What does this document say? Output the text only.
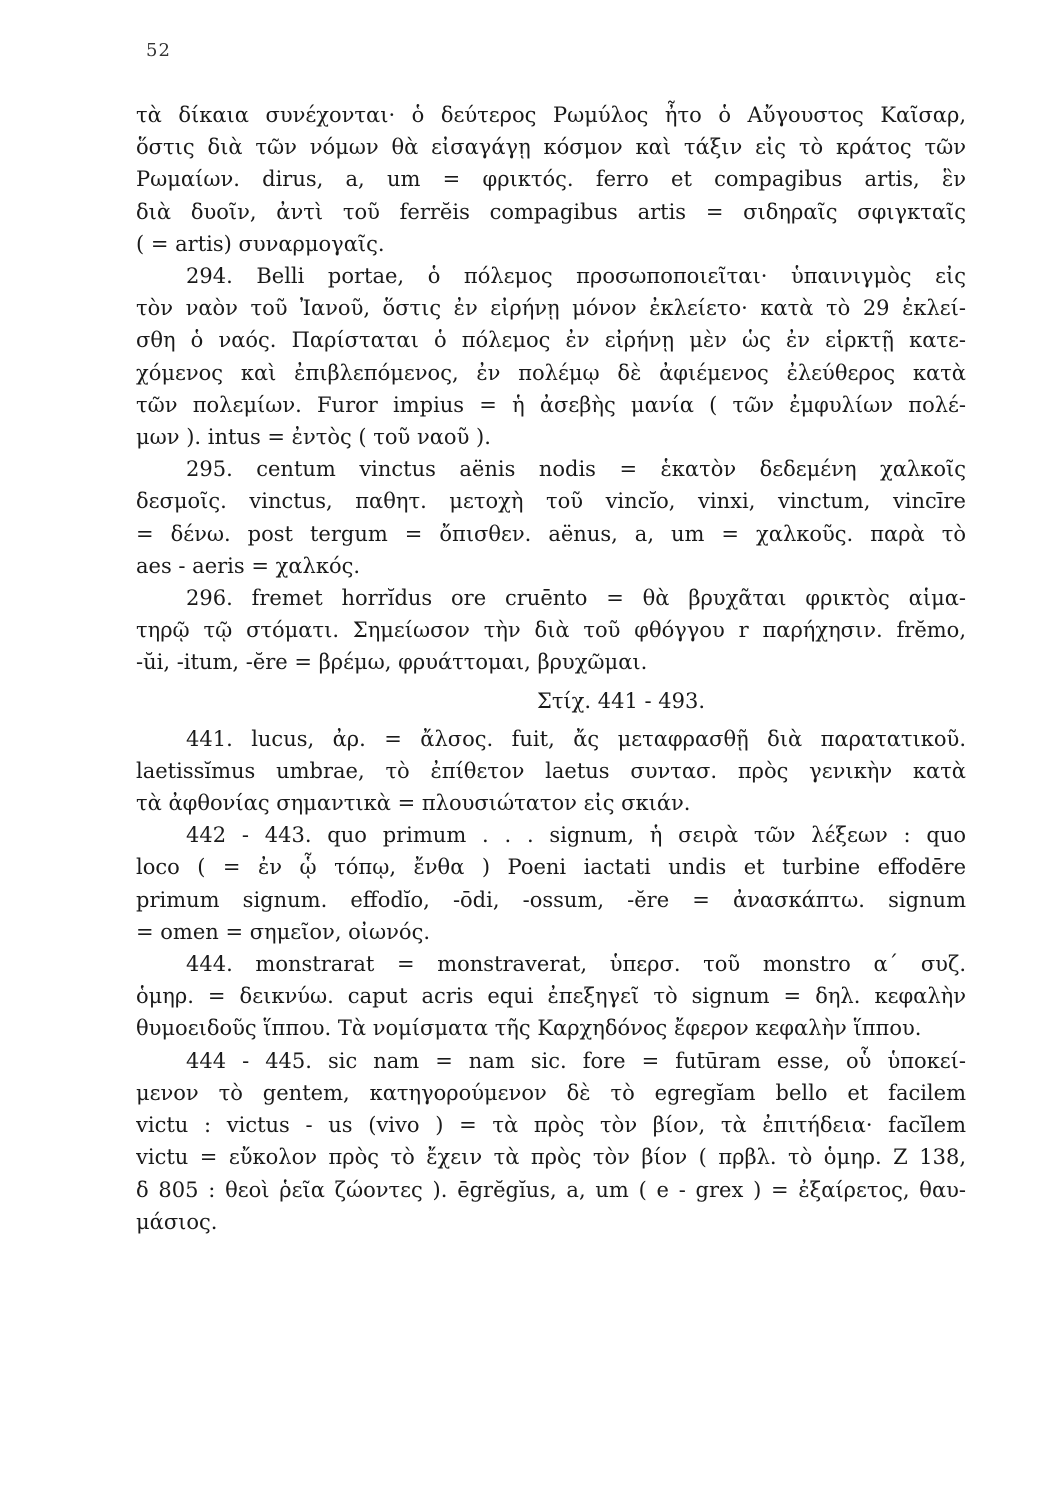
52
τὰ δίκαια συνέχονται· ὁ δεύτερος Ρωμύλος ἦτο ὁ Αὔγουστος Καῖσαρ,
ὅστις διὰ τῶν νόμων θὰ εἰσαγάγῃ κόσμον καὶ τάξιν εἰς τὸ κράτος τῶν
Ρωμαίων. dirus, a, um = φρικτός. ferro et compagibus artis, ἓν
διὰ δυοῖν, ἀντὶ τοῦ ferrĕis compagibus artis = σιδηραῖς σφιγκταῖς
( = artis) συναρμογαῖς.
294. Belli portae, ὁ πόλεμος προσωποποιεῖται· ὑπαινιγμὸς εἰς
τὸν ναὸν τοῦ Ἰανοῦ, ὅστις ἐν εἰρήνῃ μόνον ἐκλείετο· κατὰ τὸ 29 ἐκλεί-
σθη ὁ ναός. Παρίσταται ὁ πόλεμος ἐν εἰρήνῃ μὲν ὡς ἐν εἱρκτῇ κατε-
χόμενος καὶ ἐπιβλεπόμενος, ἐν πολέμῳ δὲ ἀφιέμενος ἐλεύθερος κατὰ
τῶν πολεμίων. Furor impius = ἡ ἀσεβὴς μανία ( τῶν ἐμφυλίων πολέ-
μων ). intus = ἐντὸς ( τοῦ ναοῦ ).
295. centum vinctus aënis nodis = ἑκατὸν δεδεμένη χαλκοῖς
δεσμοῖς. vinctus, παθητ. μετοχὴ τοῦ vincĭo, vinxi, vinctum, vincīre
= δένω. post tergum = ὄπισθεν. aënus, a, um = χαλκοῦς. παρὰ τὸ
aes - aeris = χαλκός.
296. fremet horrĭdus ore cruēnto = θὰ βρυχᾶται φρικτὸς αἱμα-
τηρῷ τῷ στόματι. Σημείωσον τὴν διὰ τοῦ φθόγγου r παρήχησιν. frĕmo,
-ŭi, -itum, -ĕre = βρέμω, φρυάττομαι, βρυχῶμαι.
Στίχ. 441 - 493.
441. lucus, ἀρ. = ἄλσος. fuit, ἄς μεταφρασθῇ διὰ παρατατικοῦ.
laetissĭmus umbrae, τὸ ἐπίθετον laetus συντασ. πρὸς γενικὴν κατὰ
τὰ ἀφθονίας σημαντικὰ = πλουσιώτατον εἰς σκιάν.
442 - 443. quo primum . . . signum, ἡ σειρὰ τῶν λέξεων : quo
loco ( = ἐν ᾧ τόπῳ, ἔνθα ) Poeni iactati undis et turbine effodēre
primum signum. effodĭo, -ōdi, -ossum, -ĕre = ἀνασκάπτω. signum
= omen = σημεῖον, οἰωνός.
444. monstrarat = monstraverat, ὑπερσ. τοῦ monstro α΄ συζ.
ὁμηρ. = δεικνύω. caput acris equi ἐπεξηγεῖ τὸ signum = δηλ. κεφαλὴν
θυμοειδοῦς ἵππου. Τὰ νομίσματα τῆς Καρχηδόνος ἔφερον κεφαλὴν ἵππου.
444 - 445. sic nam = nam sic. fore = futūram esse, οὗ ὑποκεί-
μενον τὸ gentem, κατηγορούμενον δὲ τὸ egregĭam bello et facilem
victu : victus - us (vivo ) = τὰ πρὸς τὸν βίον, τὰ ἐπιτήδεια· facĭlem
victu = εὔκολον πρὸς τὸ ἔχειν τὰ πρὸς τὸν βίον ( πρβλ. τὸ ὁμηρ. Ζ 138,
δ 805 : θεοὶ ῥεῖα ζώοντες ). ēgrĕgĭus, a, um ( e - grex ) = ἐξαίρετος, θαυ-
μάσιος.
